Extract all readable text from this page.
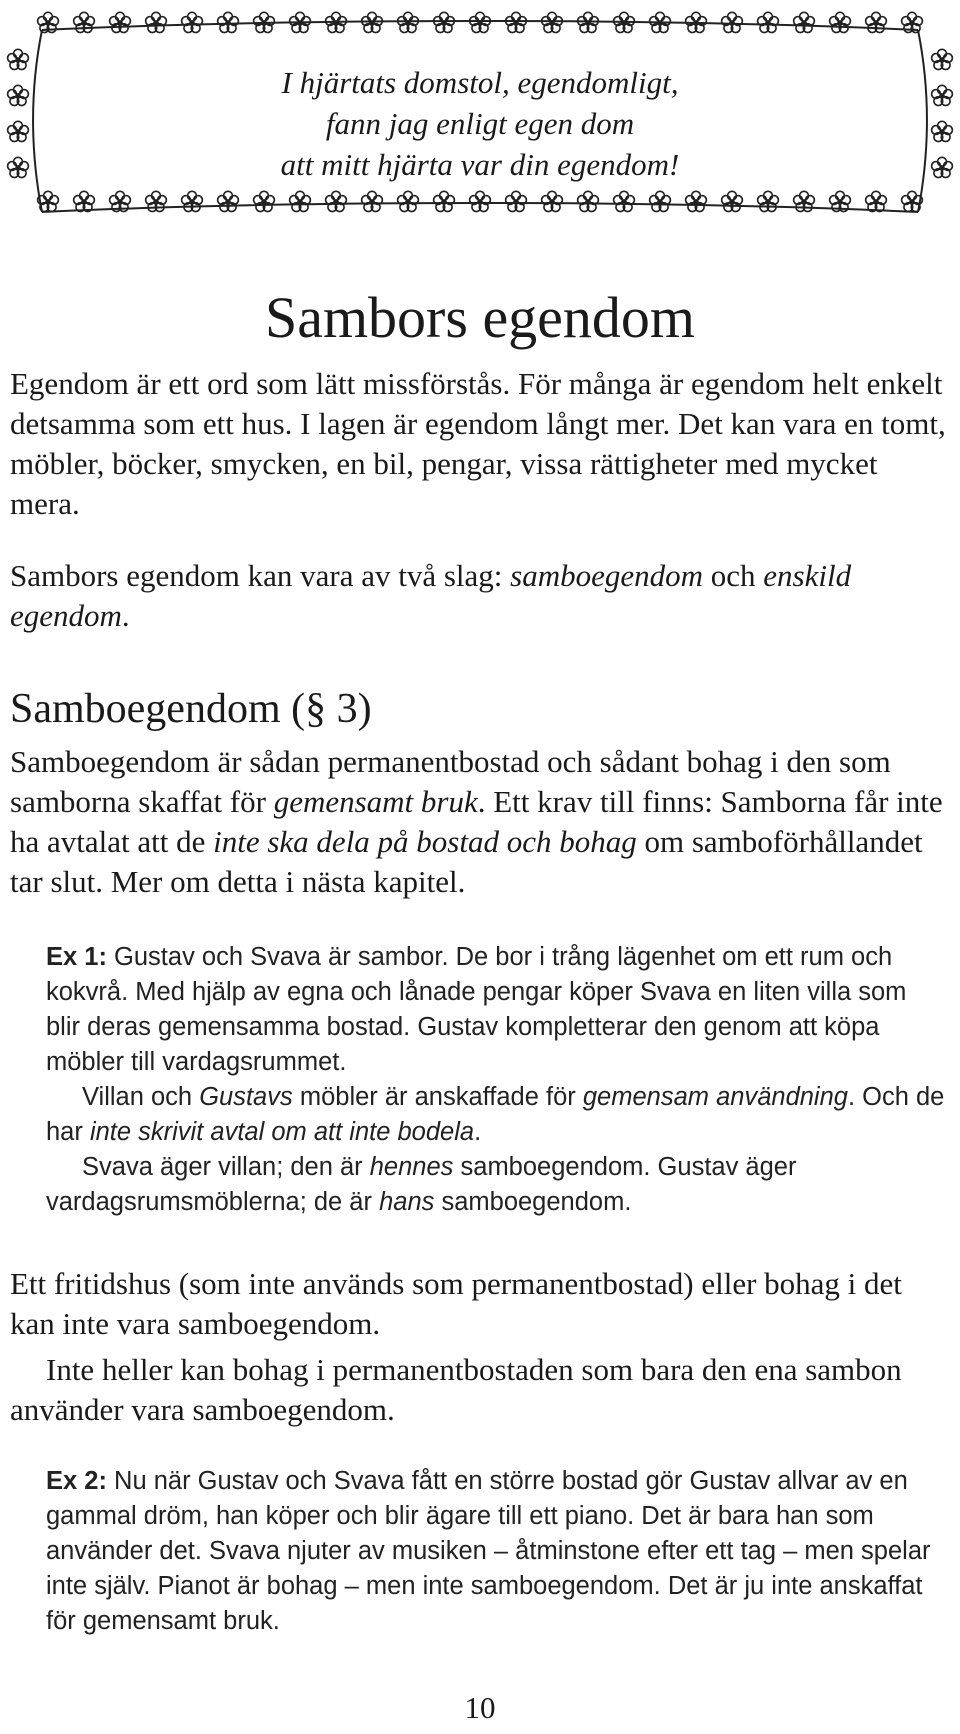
I hjärtats domstol, egendomligt,
fann jag enligt egen dom
att mitt hjärta var din egendom!
Sambors egendom

Egendom är ett ord som lätt missförstås. För många är egendom helt enkelt detsamma som ett hus. I lagen är egendom långt mer. Det kan vara en tomt, möbler, böcker, smycken, en bil, pengar, vissa rättigheter med mycket mera.

Sambors egendom kan vara av två slag: samboegendom och enskild egendom.

Samboegendom (§ 3)

Samboegendom är sådan permanentbostad och sådant bohag i den som samborna skaffat för gemensamt bruk. Ett krav till finns: Samborna får inte ha avtalat att de inte ska dela på bostad och bohag om samboförhållandet tar slut. Mer om detta i nästa kapitel.

Ex 1: Gustav och Svava är sambor. De bor i trång lägenhet om ett rum och kokvrå. Med hjälp av egna och lånade pengar köper Svava en liten villa som blir deras gemensamma bostad. Gustav kompletterar den genom att köpa möbler till vardagsrummet.
Villan och Gustavs möbler är anskaffade för gemensam användning. Och de har inte skrivit avtal om att inte bodela.
Svava äger villan; den är hennes samboegendom. Gustav äger vardagsrumsmöblerna; de är hans samboegendom.

Ett fritidshus (som inte används som permanentbostad) eller bohag i det kan inte vara samboegendom.

Inte heller kan bohag i permanentbostaden som bara den ena sambon använder vara samboegendom.

Ex 2: Nu när Gustav och Svava fått en större bostad gör Gustav allvar av en gammal dröm, han köper och blir ägare till ett piano. Det är bara han som använder det. Svava njuter av musiken – åtminstone efter ett tag – men spelar inte själv. Pianot är bohag – men inte samboegendom. Det är ju inte anskaffat för gemensamt bruk.
10
